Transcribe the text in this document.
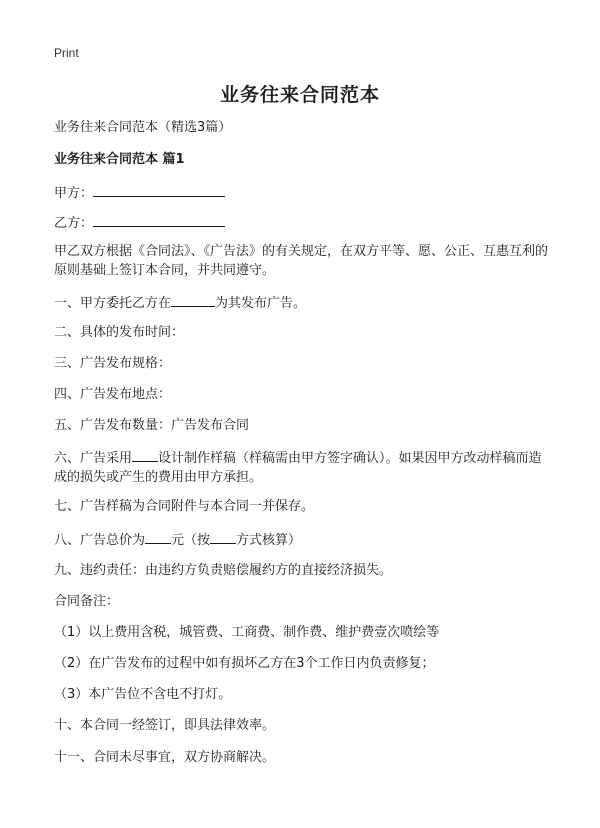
Print
业务往来合同范本
业务往来合同范本（精选3篇）
业务往来合同范本 篇1
甲方：
乙方：
甲乙双方根据《合同法》、《广告法》的有关规定，在双方平等、愿、公正、互惠互利的原则基础上签订本合同，并共同遵守。
一、甲方委托乙方在	为其发布广告。
二、具体的发布时间：
三、广告发布规格：
四、广告发布地点：
五、广告发布数量：广告发布合同
六、广告采用 设计制作样稿（样稿需由甲方签字确认）。如果因甲方改动样稿而造成的损失或产生的费用由甲方承担。
七、广告样稿为合同附件与本合同一并保存。
八、广告总价为 元（按 方式核算）
九、违约责任：由违约方负责赔偿履约方的直接经济损失。
合同备注：
（1）以上费用含税，城管费、工商费、制作费、维护费壹次喷绘等
（2）在广告发布的过程中如有损坏乙方在3个工作日内负责修复；
（3）本广告位不含电不打灯。
十、本合同一经签订，即具法律效率。
十一、合同未尽事宜，双方协商解决。
